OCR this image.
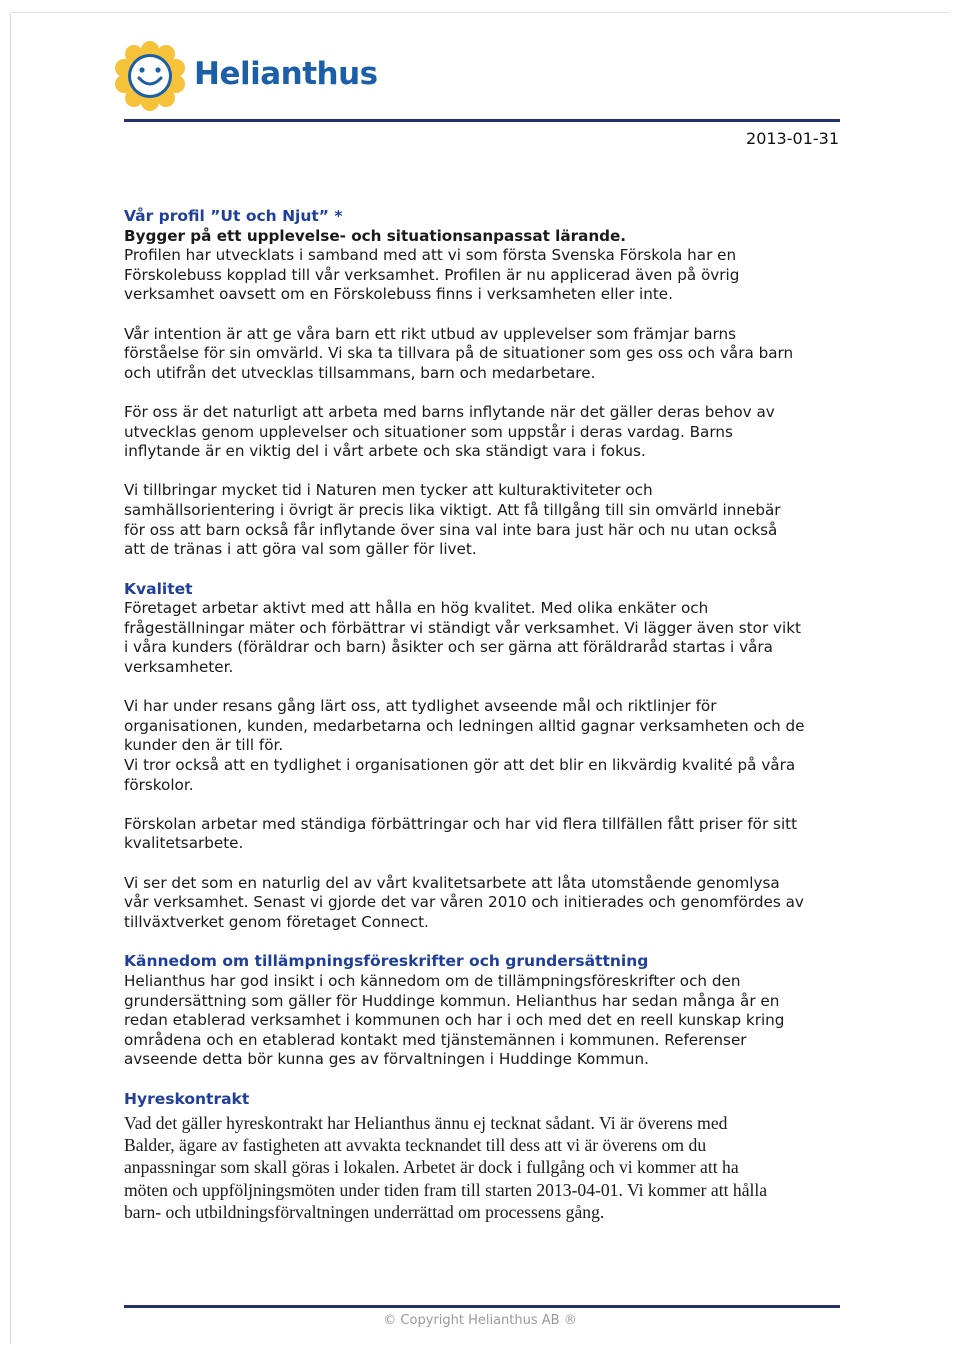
Helianthus
2013-01-31

Vår profil ”Ut och Njut” *

Bygger på ett upplevelse- och situationsanpassat lärande.

Profilen har utvecklats i samband med att vi som första Svenska Förskola har en

Förskolebuss kopplad till vår verksamhet. Profilen är nu applicerad även på övrig

verksamhet oavsett om en Förskolebuss finns i verksamheten eller inte.

Vår intention är att ge våra barn ett rikt utbud av upplevelser som främjar barns

förståelse för sin omvärld. Vi ska ta tillvara på de situationer som ges oss och våra barn

och utifrån det utvecklas tillsammans, barn och medarbetare.

För oss är det naturligt att arbeta med barns inflytande när det gäller deras behov av

utvecklas genom upplevelser och situationer som uppstår i deras vardag. Barns

inflytande är en viktig del i vårt arbete och ska ständigt vara i fokus.

Vi tillbringar mycket tid i Naturen men tycker att kulturaktiviteter och

samhällsorientering i övrigt är precis lika viktigt. Att få tillgång till sin omvärld innebär

för oss att barn också får inflytande över sina val inte bara just här och nu utan också

att de tränas i att göra val som gäller för livet.

Kvalitet

Företaget arbetar aktivt med att hålla en hög kvalitet. Med olika enkäter och

frågeställningar mäter och förbättrar vi ständigt vår verksamhet. Vi lägger även stor vikt

i våra kunders (föräldrar och barn) åsikter och ser gärna att föräldraråd startas i våra

verksamheter.

Vi har under resans gång lärt oss, att tydlighet avseende mål och riktlinjer för

organisationen, kunden, medarbetarna och ledningen alltid gagnar verksamheten och de

kunder den är till för.

Vi tror också att en tydlighet i organisationen gör att det blir en likvärdig kvalité på våra

förskolor.

Förskolan arbetar med ständiga förbättringar och har vid flera tillfällen fått priser för sitt

kvalitetsarbete.

Vi ser det som en naturlig del av vårt kvalitetsarbete att låta utomstående genomlysa

vår verksamhet. Senast vi gjorde det var våren 2010 och initierades och genomfördes av

tillväxtverket genom företaget Connect.

Kännedom om tillämpningsföreskrifter och grundersättning

Helianthus har god insikt i och kännedom om de tillämpningsföreskrifter och den

grundersättning som gäller för Huddinge kommun. Helianthus har sedan många år en

redan etablerad verksamhet i kommunen och har i och med det en reell kunskap kring

områdena och en etablerad kontakt med tjänstemännen i kommunen. Referenser

avseende detta bör kunna ges av förvaltningen i Huddinge Kommun.

Hyreskontrakt

Vad det gäller hyreskontrakt har Helianthus ännu ej tecknat sådant. Vi är överens med

Balder, ägare av fastigheten att avvakta tecknandet till dess att vi är överens om du

anpassningar som skall göras i lokalen. Arbetet är dock i fullgång och vi kommer att ha

möten och uppföljningsmöten under tiden fram till starten 2013-04-01. Vi kommer att hålla

barn- och utbildningsförvaltningen underrättad om processens gång.

© Copyright Helianthus AB ®
